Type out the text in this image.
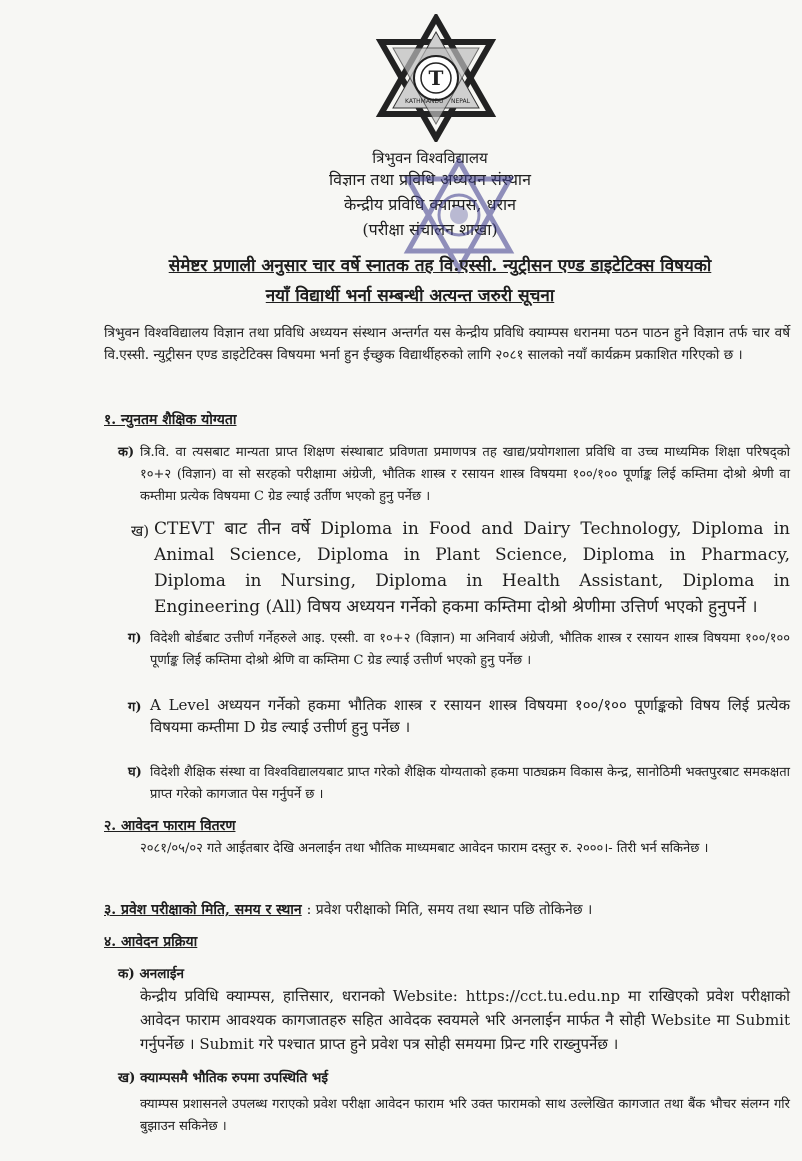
T
KATHMANDU NEPAL
त्रिभुवन विश्वविद्यालय
विज्ञान तथा प्रविधि अध्ययन संस्थान
केन्द्रीय प्रविधि क्याम्पस, धरान
(परीक्षा संचालन शाखा)
सेमेष्टर प्रणाली अनुसार चार वर्षे स्नातक तह वि.एस्सी. न्युट्रीसन एण्ड डाइटेटिक्स विषयको
नयाँ विद्यार्थी भर्ना सम्बन्धी अत्यन्त जरुरी सूचना
त्रिभुवन विश्वविद्यालय विज्ञान तथा प्रविधि अध्ययन संस्थान अन्तर्गत यस केन्द्रीय प्रविधि क्याम्पस धरानमा पठन पाठन हुने विज्ञान तर्फ चार वर्षे वि.एस्सी. न्युट्रीसन एण्ड डाइटेटिक्स विषयमा भर्ना हुन ईच्छुक विद्यार्थीहरुको लागि २०८१ सालको नयाँ कार्यक्रम प्रकाशित गरिएको छ ।
१. न्युनतम शैक्षिक योग्यता
क) त्रि.वि. वा त्यसबाट मान्यता प्राप्त शिक्षण संस्थाबाट प्रविणता प्रमाणपत्र तह खाद्य/प्रयोगशाला प्रविधि वा उच्च माध्यमिक शिक्षा परिषद्‌को १०+२ (विज्ञान) वा सो सरहको परीक्षामा अंग्रेजी, भौतिक शास्त्र र रसायन शास्त्र विषयमा १००/१०० पूर्णाङ्क लिई कम्तिमा दोश्रो श्रेणी वा कम्तीमा प्रत्येक विषयमा C ग्रेड ल्याई उर्तीण भएको हुनु पर्नेछ ।
ख) CTEVT बाट तीन वर्षे Diploma in Food and Dairy Technology, Diploma in Animal Science, Diploma in Plant Science, Diploma in Pharmacy, Diploma in Nursing, Diploma in Health Assistant, Diploma in Engineering (All) विषय अध्ययन गर्नेको हकमा कम्तिमा दोश्रो श्रेणीमा उत्तिर्ण भएको हुनुपर्ने ।
ग) विदेशी बोर्डबाट उत्तीर्ण गर्नेहरुले आइ. एस्सी. वा १०+२ (विज्ञान) मा अनिवार्य अंग्रेजी, भौतिक शास्त्र र रसायन शास्त्र विषयमा १००/१०० पूर्णाङ्क लिई कम्तिमा दोश्रो श्रेणि वा कम्तिमा C ग्रेड ल्याई उत्तीर्ण भएको हुनु पर्नेछ ।
ग) A Level अध्ययन गर्नेको हकमा भौतिक शास्त्र र रसायन शास्त्र विषयमा १००/१०० पूर्णाङ्कको विषय लिई प्रत्येक विषयमा कम्तीमा D ग्रेड ल्याई उत्तीर्ण हुनु पर्नेछ ।
घ) विदेशी शैक्षिक संस्था वा विश्वविद्यालयबाट प्राप्त गरेको शैक्षिक योग्यताको हकमा पाठ्यक्रम विकास केन्द्र, सानोठिमी भक्तपुरबाट समकक्षता प्राप्त गरेको कागजात पेस गर्नुपर्ने छ ।
२. आवेदन फाराम वितरण
२०८१/०५/०२ गते आईतबार देखि अनलाईन तथा भौतिक माध्यमबाट आवेदन फाराम दस्तुर रु. २०००।- तिरी भर्न सकिनेछ ।
३. प्रवेश परीक्षाको मिति, समय र स्थान : प्रवेश परीक्षाको मिति, समय तथा स्थान पछि तोकिनेछ ।
४. आवेदन प्रक्रिया
क) अनलाईन
केन्द्रीय प्रविधि क्याम्पस, हात्तिसार, धरानको Website: https://cct.tu.edu.np मा राखिएको प्रवेश परीक्षाको आवेदन फाराम आवश्यक कागजातहरु सहित आवेदक स्वयमले भरि अनलाईन मार्फत नै सोही Website मा Submit गर्नुपर्नेछ । Submit गरे पश्चात प्राप्त हुने प्रवेश पत्र सोही समयमा प्रिन्ट गरि राख्नुपर्नेछ ।
ख) क्याम्पसमै भौतिक रुपमा उपस्थिति भई
क्याम्पस प्रशासनले उपलब्ध गराएको प्रवेश परीक्षा आवेदन फाराम भरि उक्त फारामको साथ उल्लेखित कागजात तथा बैंक भौचर संलग्न गरि बुझाउन सकिनेछ ।
